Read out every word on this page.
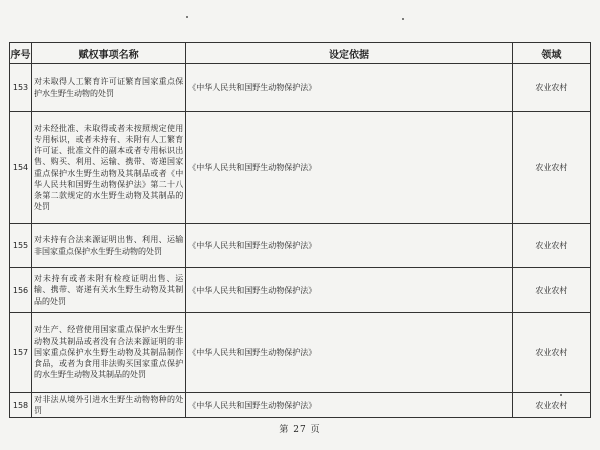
序号	赋权事项名称	设定依据	领域
153	对未取得人工繁育许可证繁育国家重点保护水生野生动物的处罚	《中华人民共和国野生动物保护法》	农业农村
154	对未经批准、未取得或者未按照规定使用专用标识，或者未持有、未附有人工繁育许可证、批准文件的副本或者专用标识出售、购买、利用、运输、携带、寄递国家重点保护水生野生动物及其制品或者《中华人民共和国野生动物保护法》第二十八条第二款规定的水生野生动物及其制品的处罚	《中华人民共和国野生动物保护法》	农业农村
155	对未持有合法来源证明出售、利用、运输非国家重点保护水生野生动物的处罚	《中华人民共和国野生动物保护法》	农业农村
156	对未持有或者未附有检疫证明出售、运输、携带、寄递有关水生野生动物及其制品的处罚	《中华人民共和国野生动物保护法》	农业农村
157	对生产、经营使用国家重点保护水生野生动物及其制品或者没有合法来源证明的非国家重点保护水生野生动物及其制品制作食品，或者为食用非法购买国家重点保护的水生野生动物及其制品的处罚	《中华人民共和国野生动物保护法》	农业农村
158	对非法从境外引进水生野生动物物种的处罚	《中华人民共和国野生动物保护法》	农业农村
第 27 页
